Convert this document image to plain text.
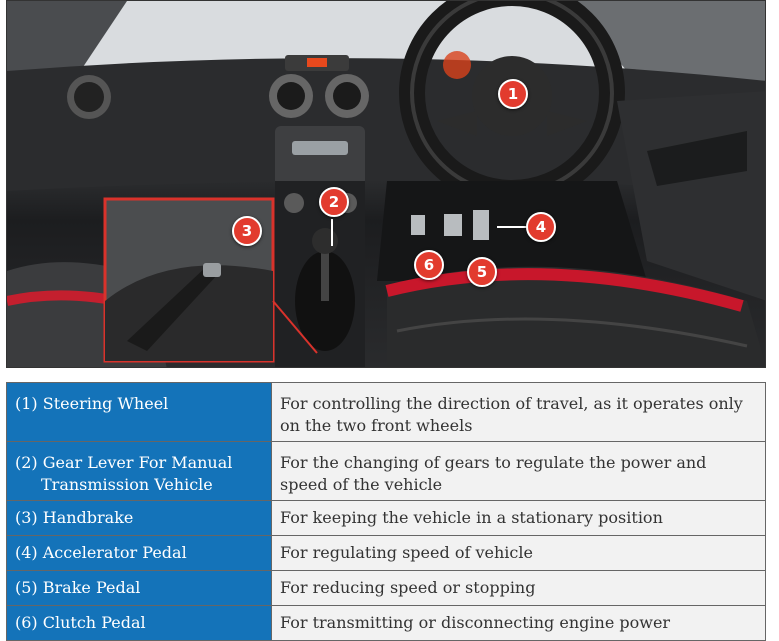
1
2
3	4
5
6
(1) Steering Wheel	For controlling the direction of travel, as it operates only on the two front wheels

(2) Gear Lever For Manual
Transmission Vehicle	For the changing of gears to regulate the power and speed of the vehicle

(3) Handbrake	For keeping the vehicle in a stationary position

(4) Accelerator Pedal	For regulating speed of vehicle

(5) Brake Pedal	For reducing speed or stopping

(6) Clutch Pedal	For transmitting or disconnecting engine power
